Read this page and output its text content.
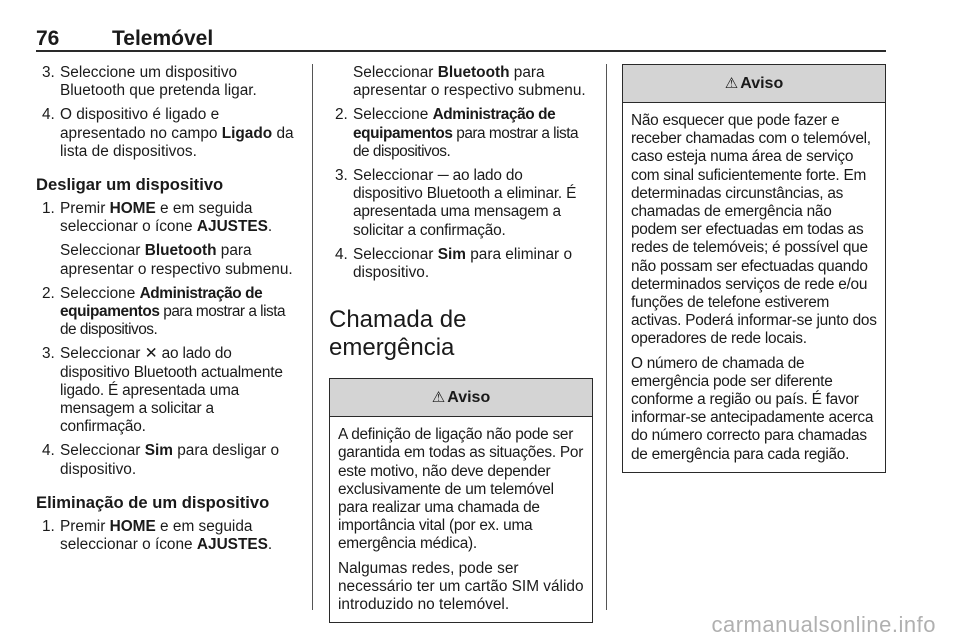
76	Telemóvel
3. Seleccione um dispositivo Bluetooth que pretenda ligar.
4. O dispositivo é ligado e apresentado no campo Ligado da lista de dispositivos.
Desligar um dispositivo
1. Premir HOME e em seguida seleccionar o ícone AJUSTES.
Seleccionar Bluetooth para apresentar o respectivo submenu.
2. Seleccione Administração de equipamentos para mostrar a lista de dispositivos.
3. Seleccionar ✕ ao lado do dispositivo Bluetooth actualmente ligado. É apresentada uma mensagem a solicitar a confirmação.
4. Seleccionar Sim para desligar o dispositivo.
Eliminação de um dispositivo
1. Premir HOME e em seguida seleccionar o ícone AJUSTES.
Seleccionar Bluetooth para apresentar o respectivo submenu.
2. Seleccione Administração de equipamentos para mostrar a lista de dispositivos.
3. Seleccionar ─ ao lado do dispositivo Bluetooth a eliminar. É apresentada uma mensagem a solicitar a confirmação.
4. Seleccionar Sim para eliminar o dispositivo.
Chamada de emergência
⚠ Aviso

A definição de ligação não pode ser garantida em todas as situações. Por este motivo, não deve depender exclusivamente de um telemóvel para realizar uma chamada de importância vital (por ex. uma emergência médica).

Nalgumas redes, pode ser necessário ter um cartão SIM válido introduzido no telemóvel.

⚠ Aviso

Não esquecer que pode fazer e receber chamadas com o telemóvel, caso esteja numa área de serviço com sinal suficientemente forte. Em determinadas circunstâncias, as chamadas de emergência não podem ser efectuadas em todas as redes de telemóveis; é possível que não possam ser efectuadas quando determinados serviços de rede e/ou funções de telefone estiverem activas. Poderá informar-se junto dos operadores de rede locais.

O número de chamada de emergência pode ser diferente conforme a região ou país. É favor informar-se antecipadamente acerca do número correcto para chamadas de emergência para cada região.

carmanualsonline.info
